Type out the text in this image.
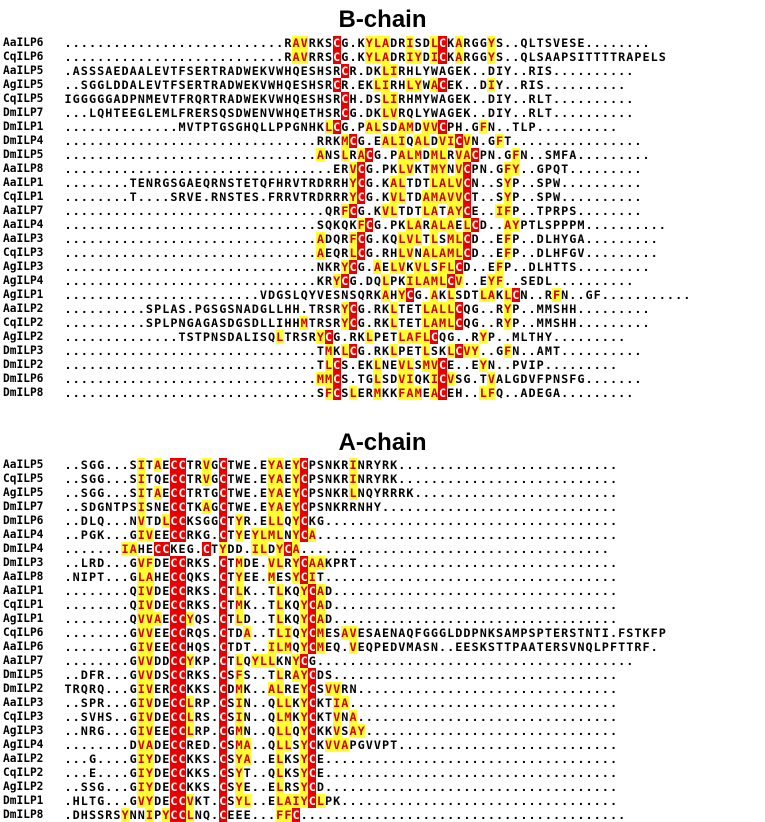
B-chain
A-chain
AaILP6 ...........................RAVRKSCG.KYLADRISDLCKARGGYS..QLTSVESE........
CqILP6 ...........................RAVRRSCG.KYLADRIYDICKARGGYS..QLSAAPSITTTTRAPELS
AaILP5 .ASSSAEDAALEVTFSERTRADWEKVWHQESHSRCR.DKLIRHLYWAGEK..DIY..RIS..........
AgILP5 ..SGGLDDALEVTFSERTRADWEKVWHQESHSRCR.EKLIRHLYWACEK..DIY..RIS..........
CqILP5 IGGGGGADPNMEVTFRQRTRADWEKVWHQESHSRCH.DSLIRHMYWAGEK..DIY..RLT..........
DmILP7 ...LQHTEEGLEMLFRERSQSDWENVWHQETHSRCG.DKLVRQLYWAGEK..DIY..RLT..........
DmILP1 ..............MVTPTGSGHQLLPPGNHKLCG.PALSDAMDVVCPH.GFN..TLP..........
DmILP4 ...............................RRKMCG.EALIQALDVICVN.GFT................
DmILP5 ...............................ANSLRACG.PALMDMLRVACPN.GFN..SMFA.........
AaILP8 .................................ERVCG.PKLVKTMYNVCPN.GFY..GPQT.........
AaILP1 ........TENRGSGAEQRNSTETQFHRVTRDRRHYCG.KALTDTLALVCN..SYP..SPW..........
CqILP1 ........T....SRVE.RNSTES.FRRVTRDRRRYCG.KVLTDAMAVVCT..SYP..SPW..........
AaILP7 ................................QRFCG.KVLTDTLATAYCE..IFP..TPRPS........
AaILP4 ...............................SQKQKFCG.PKLARALAELCD..AYPTLSPPPM..........
AaILP3 ...............................ADQRFCG.KQLVLTLSMLCD..EFP..DLHYGA.........
CqILP3 ...............................AEQRLCG.RHLVNALAMLCD..EFP..DLHFGV.........
AgILP3 ...............................NKRYCG.AELVKVLSFLCD..EFP..DLHTTS.........
AgILP4 ...............................KRYCG.DQLPKILAMLCV..EYF..SEDL..........
AgILP1 ........................VDGSLQYVESNSQRKAHYCG.AKLSDTLAKLCN..RFN..GF...........
AaILP2 ..........SPLAS.PGSGSNADGLLHH.TRSRYCG.RKLTETLALLCQG..RYP..MMSHH.........
CqILP2 ..........SPLPNGAGASDGSDLLIHHMTRSRYCG.RKLTETLAMLCQG..RYP..MMSHH.........
AgILP2 ..............TSTPNSDALISQLTRSRYCG.RKLPETLAFLCQG..RYP..MLTHY.........
DmILP3 ...............................TMKLCG.RKLPETLSKLCVY..GFN..AMT..........
DmILP2 ...............................TLCS.EKLNEVLSMVCE..EYN..PVIP.........
DmILP6 ...............................MMCS.TGLSDVIQKICVSG.TVALGDVFPNSFG.......
DmILP8 ...............................SFCSLERMKKFAMEACEH..LFQ..ADEGA.........
AaILP5 ..SGG...SITAECCTRVGCTWE.EYAEYCPSNKRINRYRK...........................
CqILP5 ..SGG...SITQECCTRVGCTWE.EYAEYCPSNKRINRYRK...........................
AgILP5 ..SGG...SITAECCTRTGCTWE.EYAEYCPSNKRLNQYRRRK.........................
DmILP7 ..SDGNTPSISNECCTKAGCTWE.EYAEYCPSNKRRNHY.............................
DmILP6 ..DLQ...NVTDLCCKSGGCTYR.ELLQYCKG....................................
AaILP4 ..PGK...GIVEECCRKG.CTYEYLMLNYCA.....................................
DmILP4 .......IAHECCKEG.CTYDD.ILDYCA......................................
DmILP3 ..LRD...GVFDECCRKS.CTMDE.VLRYCAAKPRT................................
AaILP8 .NIPT...GLAHECCQKS.CTYEE.MESYCIT....................................
AaILP1 ........QIVDECCRKS.CTLK..TLKQYCAD...................................
CqILP1 ........QIVDECCRKS.CTMK..TLKQYCAD...................................
AgILP1 ........QVVAECCYQS.CTLD..TLKQYCAD...................................
CqILP6 ........GVVEECCRQS.CTDA..TLIQYCMESAVESAENAQFGGGLDDPNKSAMPSPTERSTNTI.FSTKFP
AaILP6 ........GIVEECCHQS.CTDT..ILMQYCMEQ.VEQPEDVMASN..EESKSTTPAATERSVNQLPFTTRF.
AaILP7 ........GVVDDCCYKP.CTLQYLLKNYCG.......................................
DmILP5 ..DFR...GVVDSCCRKS.CSFS..TLRAYCDS...................................
DmILP2 TRQRQ...GIVERCCKKS.CDMK..ALREYCSVVRN................................
AaILP3 ..SPR...GIVDECCLRP.CSIN..QLLKYCKTIA.................................
CqILP3 ..SVHS..GIVDECCLRS.CSIN..QLMKYCKTVNA................................
AgILP3 ..NRG...GIVEECCLRP.CGMN..QLLQYCKKVSAY...............................
AgILP4 ........DVADECCRED.CSMA..QLLSYCKVVAPGVVPT...........................
AaILP2 ...G....GIYDECCKKS.CSYA..ELKSYCE....................................
CqILP2 ...E....GIYDECCKKS.CSYT..QLKSYCE....................................
AgILP2 ..SSG...GIYDECCKKS.CSYE..ELRSYCD....................................
DmILP1 .HLTG...GVYDECCVKT.CSYL..ELAIYCLPK..................................
DmILP8 .DHSSRSYNNIPYCCLNQ.CEEE...FFC........................................
